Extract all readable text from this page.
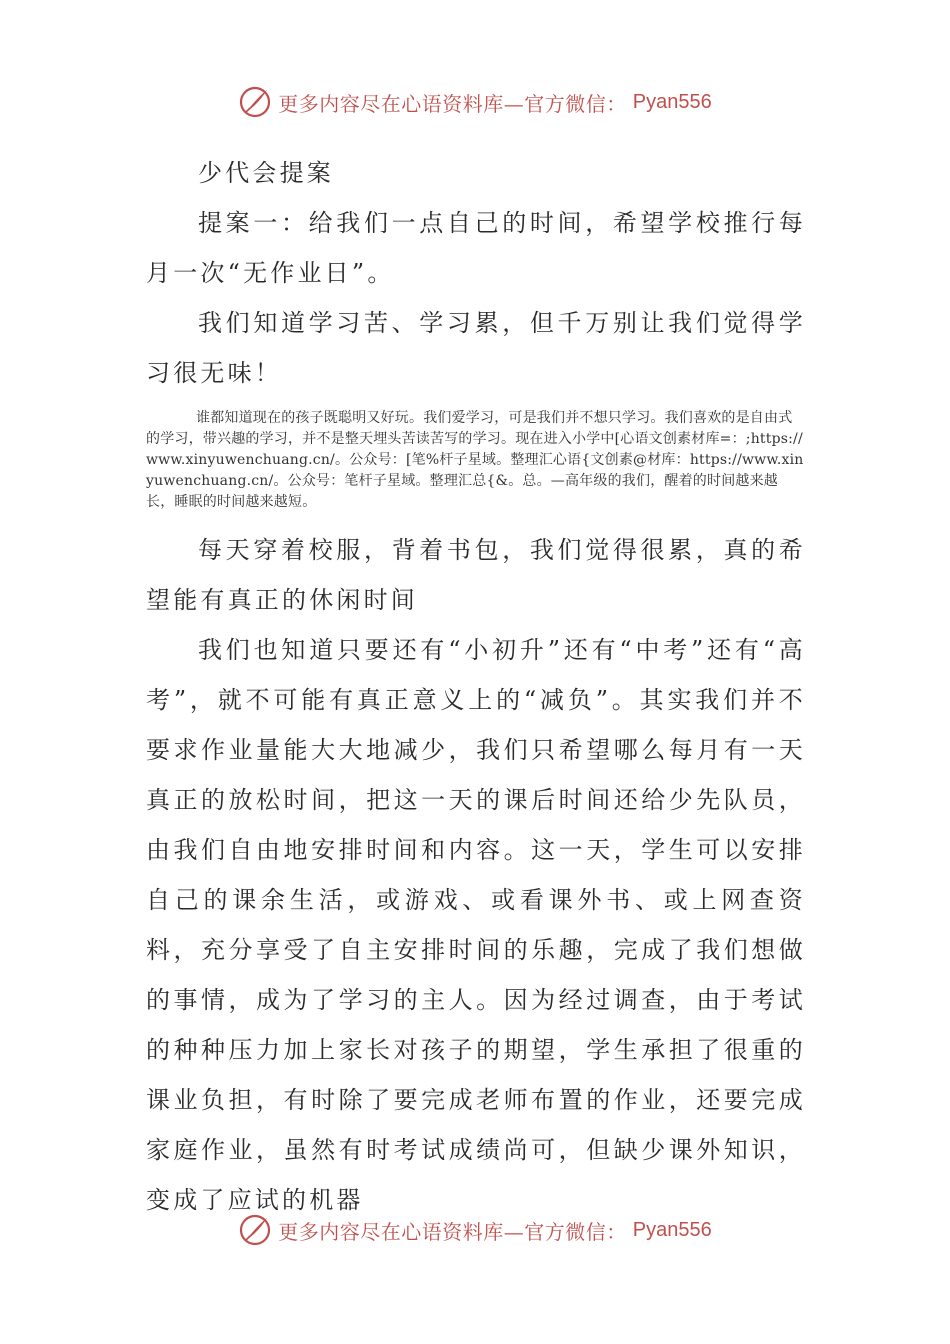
更多内容尽在心语资料库—官方微信： Pyan556

少代会提案

提案一：给我们一点自己的时间，希望学校推行每月一次“无作业日”。

我们知道学习苦、学习累，但千万别让我们觉得学习很无味！

谁都知道现在的孩子既聪明又好玩。我们爱学习，可是我们并不想只学习。我们喜欢的是自由式的学习，带兴趣的学习，并不是整天埋头苦读苦写的学习。现在进入小学中[心语文创素材库=：;https://www.xinyuwenchuang.cn/。公众号：[笔%杆子星域。整理汇心语{文创素@材库：https://www.xinyuwenchuang.cn/。公众号：笔杆子星域。整理汇总{&。总。—高年级的我们，醒着的时间越来越长，睡眠的时间越来越短。

每天穿着校服，背着书包，我们觉得很累，真的希望能有真正的休闲时间

我们也知道只要还有“小初升”还有“中考”还有“高考”，就不可能有真正意义上的“减负”。其实我们并不要求作业量能大大地减少，我们只希望哪么每月有一天真正的放松时间，把这一天的课后时间还给少先队员，由我们自由地安排时间和内容。这一天，学生可以安排自己的课余生活，或游戏、或看课外书、或上网查资料，充分享受了自主安排时间的乐趣，完成了我们想做的事情，成为了学习的主人。因为经过调查，由于考试的种种压力加上家长对孩子的期望，学生承担了很重的课业负担，有时除了要完成老师布置的作业，还要完成家庭作业，虽然有时考试成绩尚可，但缺少课外知识，变成了应试的机器

更多内容尽在心语资料库—官方微信： Pyan556
